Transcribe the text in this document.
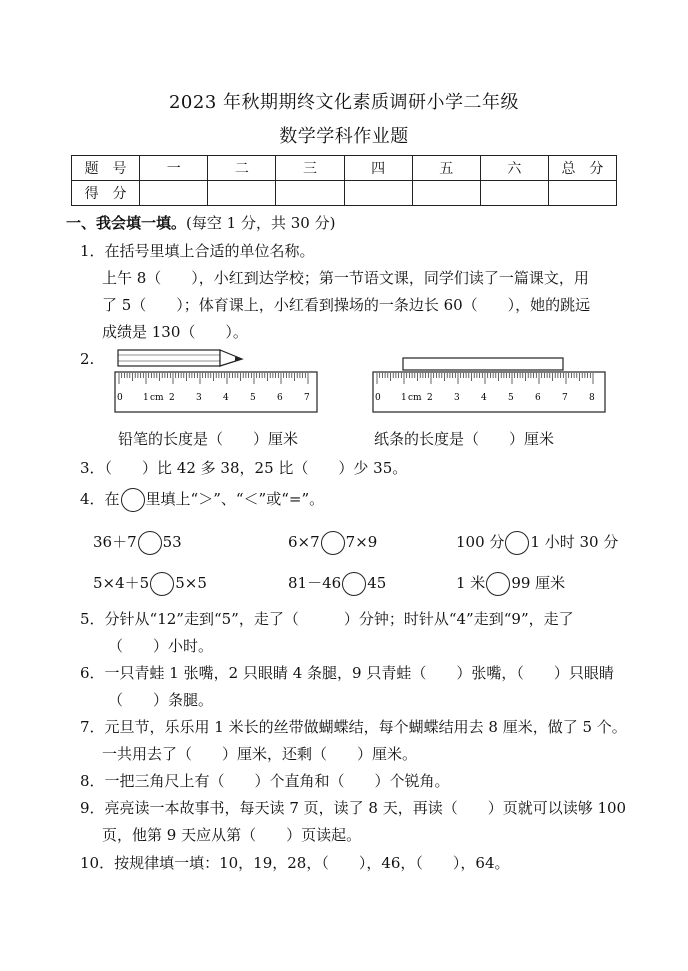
2023 年秋期期终文化素质调研小学二年级
数学学科作业题
题　号	一	二	三	四	五	六	总　分
得　分							
一、我会填一填。(每空 1 分，共 30 分)
1．在括号里填上合适的单位名称。
上午 8（　　），小红到达学校；第一节语文课，同学们读了一篇课文，用
了 5（　　）；体育课上，小红看到操场的一条边长 60（　　），她的跳远
成绩是 130（　　）。
2.
0 1 cm 2 3 4 5 6 7	0 1 cm 2 3 4 5 6 7 8
铅笔的长度是（　　）厘米	纸条的长度是（　　）厘米
3．（　　）比 42 多 38，25 比（　　）少 35。
4．在 里填上“＞”、“＜”或“=”。
36＋7 53	6×7 7×9	100 分 1 小时 30 分
5×4＋5 5×5	81－46 45	1 米 99 厘米
5．分针从“12”走到“5”，走了（　　　）分钟；时针从“4”走到“9”，走了
（　　）小时。
6．一只青蛙 1 张嘴，2 只眼睛 4 条腿，9 只青蛙（　　）张嘴，（　　）只眼睛
（　　）条腿。
7．元旦节，乐乐用 1 米长的丝带做蝴蝶结，每个蝴蝶结用去 8 厘米，做了 5 个。
一共用去了（　　）厘米，还剩（　　）厘米。
8．一把三角尺上有（　　）个直角和（　　）个锐角。
9．亮亮读一本故事书，每天读 7 页，读了 8 天，再读（　　）页就可以读够 100
页，他第 9 天应从第（　　）页读起。
10．按规律填一填：10，19，28，（　　），46，（　　），64。
